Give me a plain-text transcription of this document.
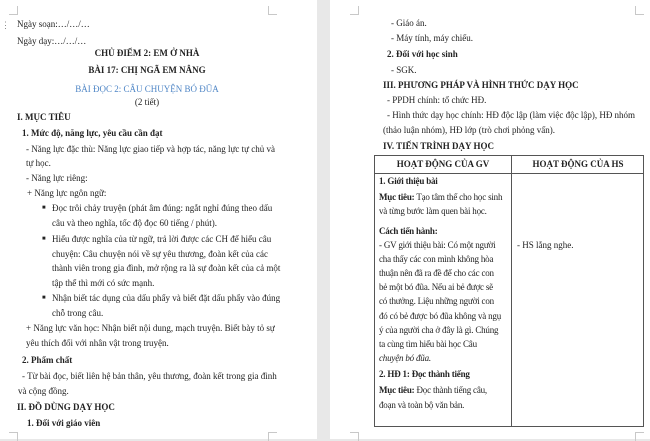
⋮ Ngày soạn:…/…/…
Ngày dạy:…/…/…
CHỦ ĐIỂM 2: EM Ở NHÀ
BÀI 17: CHỊ NGÃ EM NÂNG
BÀI ĐỌC 2: CÂU CHUYỆN BÓ ĐŨA
(2 tiết)
I. MỤC TIÊU
1. Mức độ, năng lực, yêu cầu cần đạt
- Năng lực đặc thù: Năng lực giao tiếp và hợp tác, năng lực tự chủ và
tự học.
- Năng lực riêng:
+ Năng lực ngôn ngữ:
■ Đọc trôi chảy truyện (phát âm đúng: ngắt nghỉ đúng theo dấu
câu và theo nghĩa, tốc độ đọc 60 tiếng / phút).
■ Hiểu được nghĩa của từ ngữ, trả lời được các CH để hiểu câu
chuyện: Câu chuyện nói về sự yêu thương, đoàn kết của các
thành viên trong gia đình, mở rộng ra là sự đoàn kết của cả một
tập thể thì mới có sức mạnh.
■ Nhận biết tác dụng của dấu phẩy và biết đặt dấu phẩy vào đúng
chỗ trong câu.
+ Năng lực văn học: Nhận biết nội dung, mạch truyện. Biết bày tỏ sự
yêu thích đối với nhân vật trong truyện.
2. Phẩm chất
- Từ bài đọc, biết liên hệ bản thân, yêu thương, đoàn kết trong gia đình
và cộng đồng.
II. ĐỒ DÙNG DẠY HỌC
1. Đối với giáo viên
- Giáo án.
- Máy tính, máy chiếu.
2. Đối với học sinh
- SGK.
III. PHƯƠNG PHÁP VÀ HÌNH THỨC DẠY HỌC
- PPDH chính: tổ chức HĐ.
- Hình thức dạy học chính: HĐ độc lập (làm việc độc lập), HĐ nhóm
(thảo luận nhóm), HĐ lớp (trò chơi phỏng vấn).
IV. TIẾN TRÌNH DẠY HỌC
HOẠT ĐỘNG CỦA GV	HOẠT ĐỘNG CỦA HS
1. Giới thiệu bài
Mục tiêu: Tạo tâm thế cho học sinh
và từng bước làm quen bài học.
Cách tiến hành:
- GV giới thiệu bài: Có một người
cha thấy các con mình không hòa
thuận nên đã ra đề để cho các con
bẻ một bó đũa. Nếu ai bẻ được sẽ
có thưởng. Liệu những người con
đó có bẻ được bó đũa không và ngụ
ý của người cha ở đây là gì. Chúng
ta cùng tìm hiểu bài học Câu
chuyện bó đũa.
2. HĐ 1: Đọc thành tiếng
Mục tiêu: Đọc thành tiếng câu,
đoạn và toàn bộ văn bản.
- HS lắng nghe.
